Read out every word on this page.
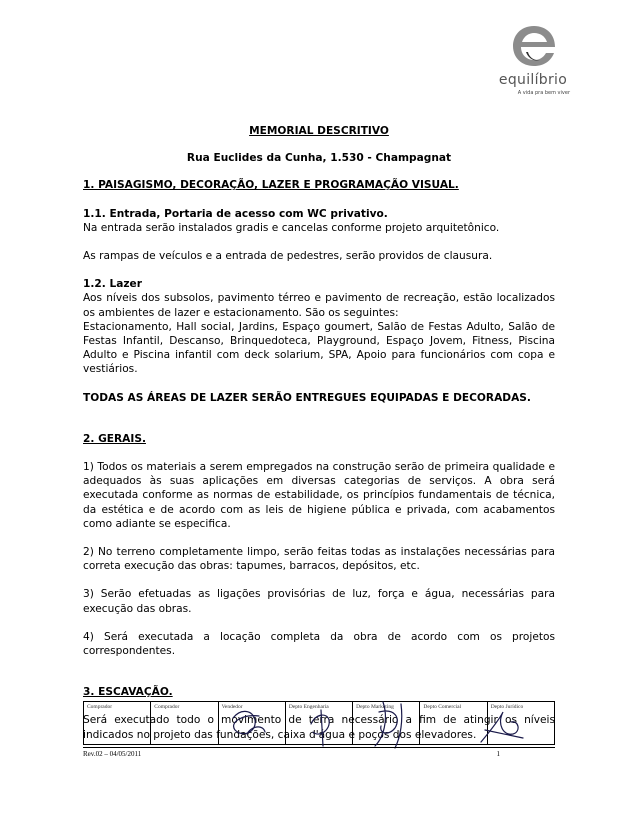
equilíbrio
A vida pra bem viver
MEMORIAL DESCRITIVO
Rua Euclides da Cunha, 1.530 - Champagnat
1. PAISAGISMO, DECORAÇÃO, LAZER E PROGRAMAÇÃO VISUAL.
1.1. Entrada, Portaria de acesso com WC privativo.

Na entrada serão instalados gradis e cancelas conforme projeto arquitetônico.

As rampas de veículos e a entrada de pedestres, serão providos de clausura.

1.2. Lazer

Aos níveis dos subsolos, pavimento térreo e pavimento de recreação, estão localizados os ambientes de lazer e estacionamento. São os seguintes:

Estacionamento, Hall social, Jardins, Espaço goumert, Salão de Festas Adulto, Salão de Festas Infantil, Descanso, Brinquedoteca, Playground, Espaço Jovem, Fitness, Piscina Adulto e Piscina infantil com deck solarium, SPA, Apoio para funcionários com copa e vestiários.

TODAS AS ÁREAS DE LAZER SERÃO ENTREGUES EQUIPADAS E DECORADAS.
2. GERAIS.

1) Todos os materiais a serem empregados na construção serão de primeira qualidade e adequados às suas aplicações em diversas categorias de serviços. A obra será executada conforme as normas de estabilidade, os princípios fundamentais de técnica, da estética e de acordo com as leis de higiene pública e privada, com acabamentos como adiante se especifica.

2) No terreno completamente limpo, serão feitas todas as instalações necessárias para correta execução das obras: tapumes, barracos, depósitos, etc.

3) Serão efetuadas as ligações provisórias de luz, força e água, necessárias para execução das obras.

4) Será executada a locação completa da obra de acordo com os projetos correspondentes.

3. ESCAVAÇÃO.

Será executado todo o movimento de terra necessário a fim de atingir os níveis indicados no projeto das fundações, caixa d'água e poços dos elevadores.

Comprador	Comprador	Vendedor	Depto Engenharia	Depto Marketing	Depto Comercial	Depto Jurídico
Rev.02 – 04/05/2011	1
